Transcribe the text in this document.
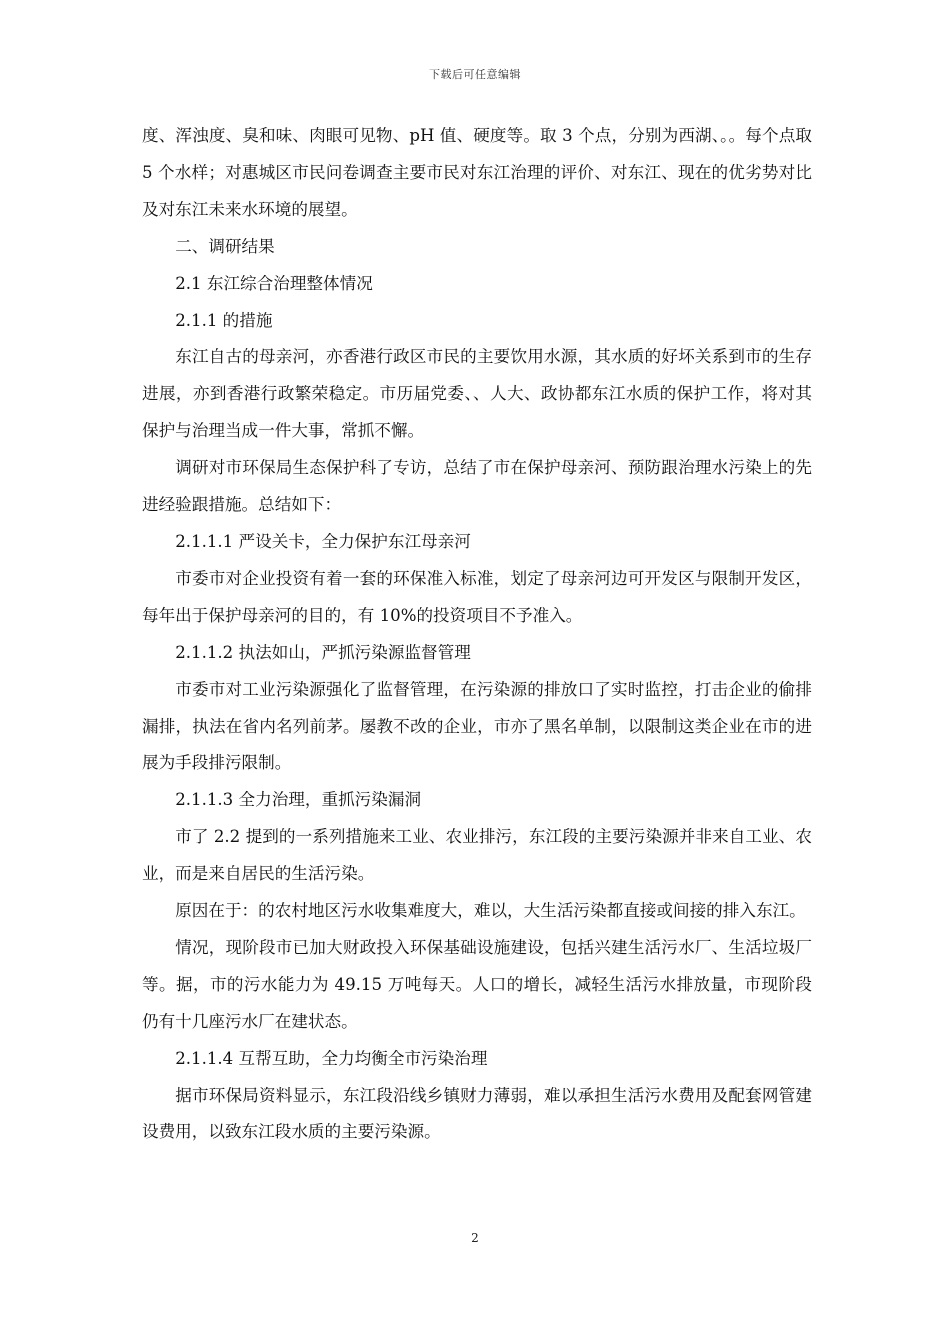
下载后可任意编辑

度、浑浊度、臭和味、肉眼可见物、pH 值、硬度等。取 3 个点，分别为西湖、。。每个点取 5 个水样；对惠城区市民问卷调查主要市民对东江治理的评价、对东江、现在的优劣势对比及对东江未来水环境的展望。

二、调研结果

2.1 东江综合治理整体情况

2.1.1 的措施

东江自古的母亲河，亦香港行政区市民的主要饮用水源，其水质的好坏关系到市的生存进展，亦到香港行政繁荣稳定。市历届党委、、人大、政协都东江水质的保护工作，将对其保护与治理当成一件大事，常抓不懈。

调研对市环保局生态保护科了专访，总结了市在保护母亲河、预防跟治理水污染上的先进经验跟措施。总结如下：

2.1.1.1 严设关卡，全力保护东江母亲河

市委市对企业投资有着一套的环保准入标准，划定了母亲河边可开发区与限制开发区，每年出于保护母亲河的目的，有 10%的投资项目不予准入。

2.1.1.2 执法如山，严抓污染源监督管理

市委市对工业污染源强化了监督管理，在污染源的排放口了实时监控，打击企业的偷排漏排，执法在省内名列前茅。屡教不改的企业，市亦了黑名单制，以限制这类企业在市的进展为手段排污限制。

2.1.1.3 全力治理，重抓污染漏洞

市了 2.2 提到的一系列措施来工业、农业排污，东江段的主要污染源并非来自工业、农业，而是来自居民的生活污染。

原因在于：的农村地区污水收集难度大，难以，大生活污染都直接或间接的排入东江。

情况，现阶段市已加大财政投入环保基础设施建设，包括兴建生活污水厂、生活垃圾厂等。据，市的污水能力为 49.15 万吨每天。人口的增长，减轻生活污水排放量，市现阶段仍有十几座污水厂在建状态。

2.1.1.4 互帮互助，全力均衡全市污染治理

据市环保局资料显示，东江段沿线乡镇财力薄弱，难以承担生活污水费用及配套网管建设费用，以致东江段水质的主要污染源。

2
